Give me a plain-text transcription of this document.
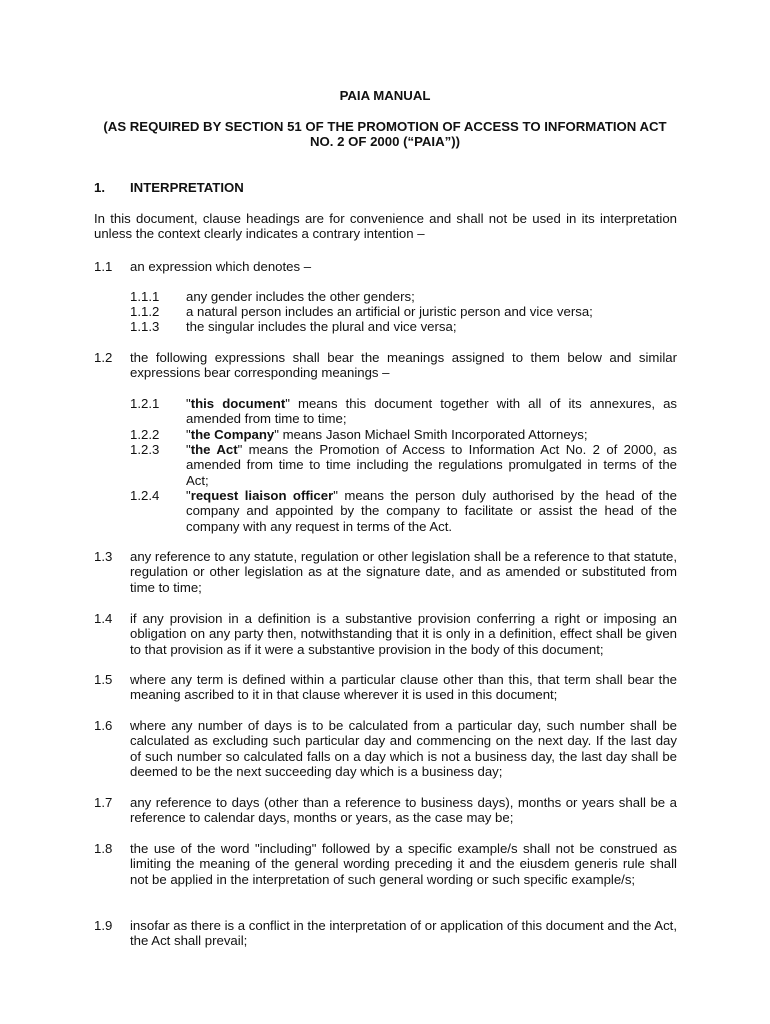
PAIA MANUAL
(AS REQUIRED BY SECTION 51 OF THE PROMOTION OF ACCESS TO INFORMATION ACT NO. 2 OF 2000 (“PAIA”))
1. INTERPRETATION
In this document, clause headings are for convenience and shall not be used in its interpretation unless the context clearly indicates a contrary intention –
1.1 an expression which denotes –
1.1.1 any gender includes the other genders;
1.1.2 a natural person includes an artificial or juristic person and vice versa;
1.1.3 the singular includes the plural and vice versa;
1.2 the following expressions shall bear the meanings assigned to them below and similar expressions bear corresponding meanings –
1.2.1 "this document" means this document together with all of its annexures, as amended from time to time;
1.2.2 "the Company" means Jason Michael Smith Incorporated Attorneys;
1.2.3 "the Act" means the Promotion of Access to Information Act No. 2 of 2000, as amended from time to time including the regulations promulgated in terms of the Act;
1.2.4 "request liaison officer" means the person duly authorised by the head of the company and appointed by the company to facilitate or assist the head of the company with any request in terms of the Act.
1.3 any reference to any statute, regulation or other legislation shall be a reference to that statute, regulation or other legislation as at the signature date, and as amended or substituted from time to time;
1.4 if any provision in a definition is a substantive provision conferring a right or imposing an obligation on any party then, notwithstanding that it is only in a definition, effect shall be given to that provision as if it were a substantive provision in the body of this document;
1.5 where any term is defined within a particular clause other than this, that term shall bear the meaning ascribed to it in that clause wherever it is used in this document;
1.6 where any number of days is to be calculated from a particular day, such number shall be calculated as excluding such particular day and commencing on the next day. If the last day of such number so calculated falls on a day which is not a business day, the last day shall be deemed to be the next succeeding day which is a business day;
1.7 any reference to days (other than a reference to business days), months or years shall be a reference to calendar days, months or years, as the case may be;
1.8 the use of the word "including" followed by a specific example/s shall not be construed as limiting the meaning of the general wording preceding it and the eiusdem generis rule shall not be applied in the interpretation of such general wording or such specific example/s;
1.9 insofar as there is a conflict in the interpretation of or application of this document and the Act, the Act shall prevail;
